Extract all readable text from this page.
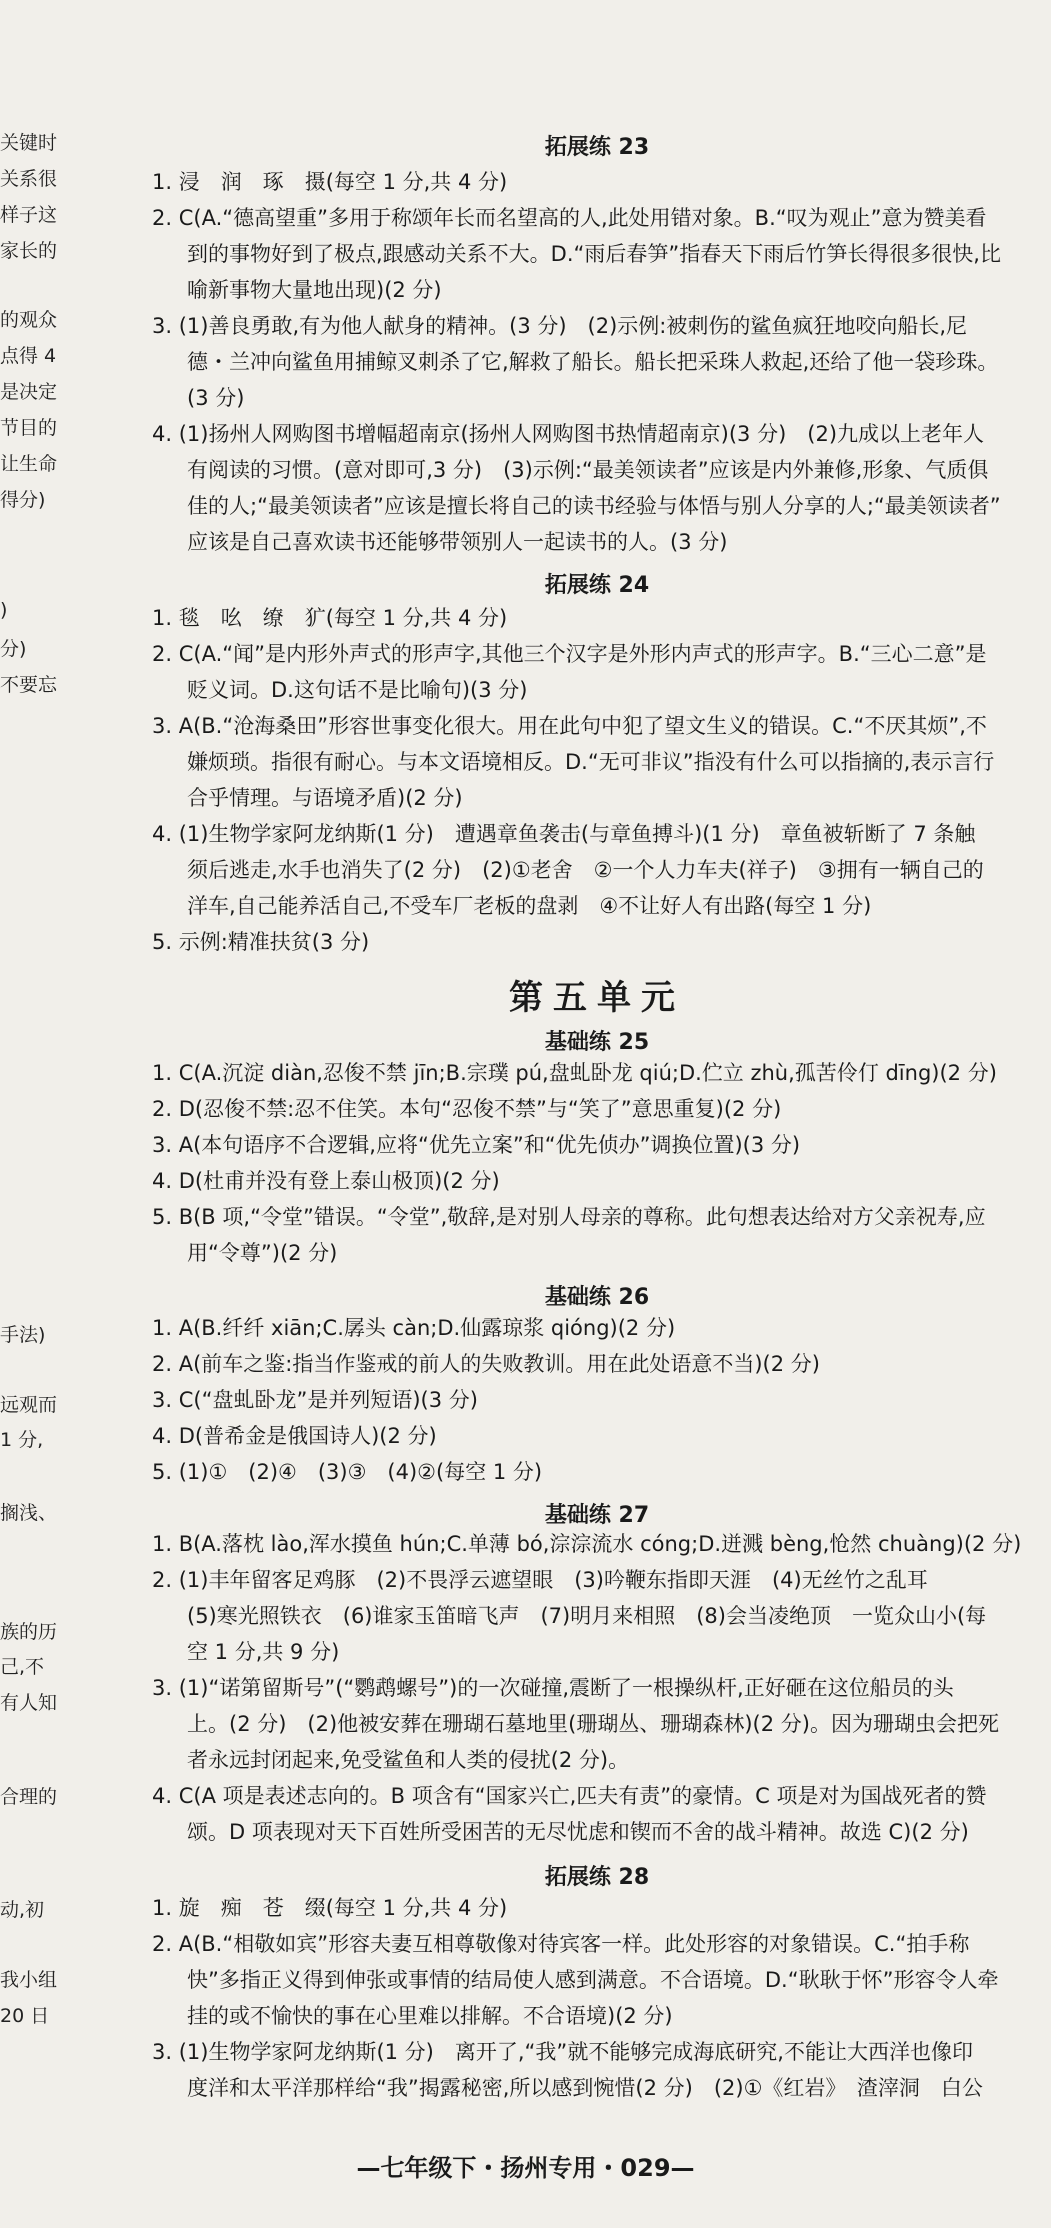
关键时
关系很
样子这
家长的
的观众
点得 4
是决定
节目的
让生命
得分)
)
分)
不要忘
手法)
远观而
1 分,
搁浅、
族的历
己,不
有人知
合理的
动,初
我小组
20 日
拓展练 23
1. 浸　润　琢　摄(每空 1 分,共 4 分)
2. C(A.“德高望重”多用于称颂年长而名望高的人,此处用错对象。B.“叹为观止”意为赞美看
到的事物好到了极点,跟感动关系不大。D.“雨后春笋”指春天下雨后竹笋长得很多很快,比
喻新事物大量地出现)(2 分)
3. (1)善良勇敢,有为他人献身的精神。(3 分)　(2)示例:被刺伤的鲨鱼疯狂地咬向船长,尼
德・兰冲向鲨鱼用捕鲸叉刺杀了它,解救了船长。船长把采珠人救起,还给了他一袋珍珠。
(3 分)
4. (1)扬州人网购图书增幅超南京(扬州人网购图书热情超南京)(3 分)　(2)九成以上老年人
有阅读的习惯。(意对即可,3 分)　(3)示例:“最美领读者”应该是内外兼修,形象、气质俱
佳的人;“最美领读者”应该是擅长将自己的读书经验与体悟与别人分享的人;“最美领读者”
应该是自己喜欢读书还能够带领别人一起读书的人。(3 分)
拓展练 24
1. 毯　吆　缭　犷(每空 1 分,共 4 分)
2. C(A.“闻”是内形外声式的形声字,其他三个汉字是外形内声式的形声字。B.“三心二意”是
贬义词。D.这句话不是比喻句)(3 分)
3. A(B.“沧海桑田”形容世事变化很大。用在此句中犯了望文生义的错误。C.“不厌其烦”,不
嫌烦琐。指很有耐心。与本文语境相反。D.“无可非议”指没有什么可以指摘的,表示言行
合乎情理。与语境矛盾)(2 分)
4. (1)生物学家阿龙纳斯(1 分)　遭遇章鱼袭击(与章鱼搏斗)(1 分)　章鱼被斩断了 7 条触
须后逃走,水手也消失了(2 分)　(2)①老舍　②一个人力车夫(祥子)　③拥有一辆自己的
洋车,自己能养活自己,不受车厂老板的盘剥　④不让好人有出路(每空 1 分)
5. 示例:精准扶贫(3 分)
第五单元
基础练 25
1. C(A.沉淀 diàn,忍俊不禁 jīn;B.宗璞 pú,盘虬卧龙 qiú;D.伫立 zhù,孤苦伶仃 dīng)(2 分)
2. D(忍俊不禁:忍不住笑。本句“忍俊不禁”与“笑了”意思重复)(2 分)
3. A(本句语序不合逻辑,应将“优先立案”和“优先侦办”调换位置)(3 分)
4. D(杜甫并没有登上泰山极顶)(2 分)
5. B(B 项,“令堂”错误。“令堂”,敬辞,是对别人母亲的尊称。此句想表达给对方父亲祝寿,应
用“令尊”)(2 分)
基础练 26
1. A(B.纤纤 xiān;C.孱头 càn;D.仙露琼浆 qióng)(2 分)
2. A(前车之鉴:指当作鉴戒的前人的失败教训。用在此处语意不当)(2 分)
3. C(“盘虬卧龙”是并列短语)(3 分)
4. D(普希金是俄国诗人)(2 分)
5. (1)①　(2)④　(3)③　(4)②(每空 1 分)
基础练 27
1. B(A.落枕 lào,浑水摸鱼 hún;C.单薄 bó,淙淙流水 cóng;D.迸溅 bèng,怆然 chuàng)(2 分)
2. (1)丰年留客足鸡豚　(2)不畏浮云遮望眼　(3)吟鞭东指即天涯　(4)无丝竹之乱耳
(5)寒光照铁衣　(6)谁家玉笛暗飞声　(7)明月来相照　(8)会当凌绝顶　一览众山小(每
空 1 分,共 9 分)
3. (1)“诺第留斯号”(“鹦鹉螺号”)的一次碰撞,震断了一根操纵杆,正好砸在这位船员的头
上。(2 分)　(2)他被安葬在珊瑚石墓地里(珊瑚丛、珊瑚森林)(2 分)。因为珊瑚虫会把死
者永远封闭起来,免受鲨鱼和人类的侵扰(2 分)。
4. C(A 项是表述志向的。B 项含有“国家兴亡,匹夫有责”的豪情。C 项是对为国战死者的赞
颂。D 项表现对天下百姓所受困苦的无尽忧虑和锲而不舍的战斗精神。故选 C)(2 分)
拓展练 28
1. 旋　痴　苍　缀(每空 1 分,共 4 分)
2. A(B.“相敬如宾”形容夫妻互相尊敬像对待宾客一样。此处形容的对象错误。C.“拍手称
快”多指正义得到伸张或事情的结局使人感到满意。不合语境。D.“耿耿于怀”形容令人牵
挂的或不愉快的事在心里难以排解。不合语境)(2 分)
3. (1)生物学家阿龙纳斯(1 分)　离开了,“我”就不能够完成海底研究,不能让大西洋也像印
度洋和太平洋那样给“我”揭露秘密,所以感到惋惜(2 分)　(2)①《红岩》　渣滓洞　白公
—七年级下・扬州专用・029—
